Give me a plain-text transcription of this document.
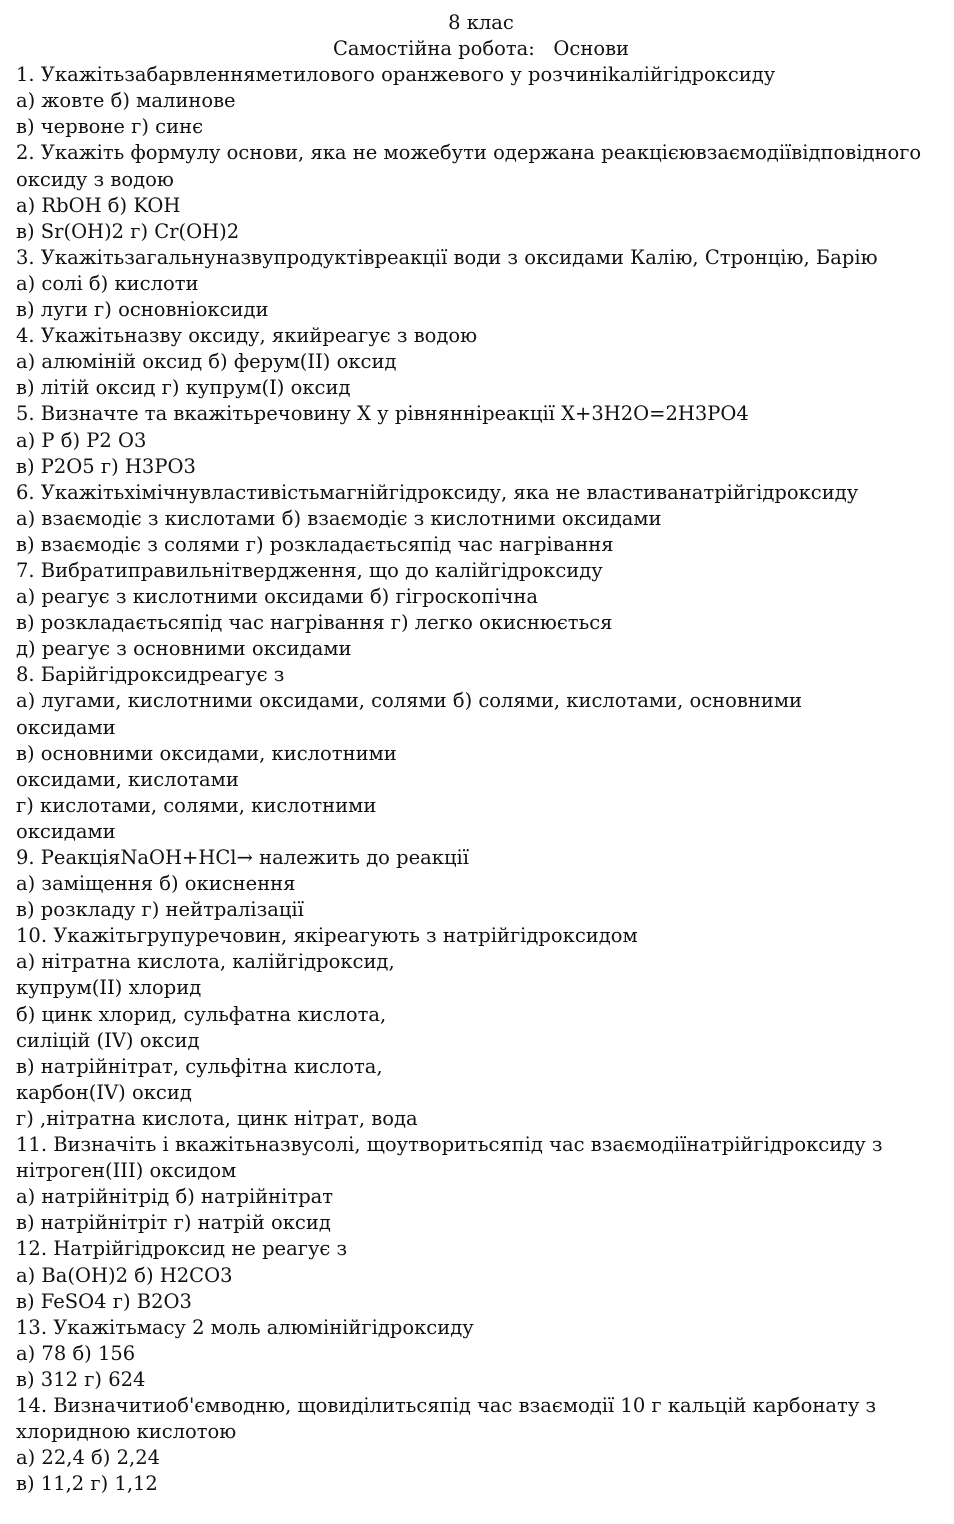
8 клас
Самостійна робота:   Основи
1. Укажітьзабарвленняметилового оранжевого у розчиніkалійгідроксиду
а) жовте б) малинове
в) червоне г) синє
2. Укажіть формулу основи, яка не можебути одержана реакцієювзаємодіївідповідного
оксиду з водою
а) RbOH б) KOH
в) Sr(OH)2 г) Cr(OH)2
3. Укажітьзагальнуназвупродуктівреакції води з оксидами Калію, Стронцію, Барію
а) солі б) кислоти
в) луги г) основніоксиди
4. Укажітьназву оксиду, якийреагує з водою
а) алюміній оксид б) ферум(II) оксид
в) літій оксид г) купрум(I) оксид
5. Визначте та вкажітьречовину Х у рівнянніреакції Х+3H2O=2H3PO4
а) Р б) Р2 О3
в) Р2О5 г) H3PO3
6. Укажітьхімічнувластивістьмагнійгідроксиду, яка не властиванатрійгідроксиду
а) взаємодіє з кислотами б) взаємодіє з кислотними оксидами
в) взаємодіє з солями г) розкладаєтьсяпід час нагрівання
7. Вибратиправильнітвердження, що до калійгідроксиду
а) реагує з кислотними оксидами б) гігроскопічна
в) розкладаєтьсяпід час нагрівання г) легко окиснюється
д) реагує з основними оксидами
8. Барійгідроксидреагує з
а) лугами, кислотними оксидами, солями б) солями, кислотами, основними
оксидами
в) основними оксидами, кислотними
оксидами, кислотами
г) кислотами, солями, кислотними
оксидами
9. РеакціяNaOH+HCl→ належить до реакції
а) заміщення б) окиснення
в) розкладу г) нейтралізації
10. Укажітьгрупуречовин, якіреагують з натрійгідроксидом
а) нітратна кислота, калійгідроксид,
купрум(II) хлорид
б) цинк хлорид, сульфатна кислота,
силіцій (IV) оксид
в) натрійнітрат, сульфітна кислота,
карбон(IV) оксид
г) ,нітратна кислота, цинк нітрат, вода
11. Визначіть і вкажітьназвусолі, щоутворитьсяпід час взаємодіїнатрійгідроксиду з
нітроген(III) оксидом
а) натрійнітрід б) натрійнітрат
в) натрійнітріт г) натрій оксид
12. Натрійгідроксид не реагує з
а) Ba(OH)2 б) H2CO3
в) FeSO4 г) B2O3
13. Укажітьмасу 2 моль алюмінійгідроксиду
а) 78 б) 156
в) 312 г) 624
14. Визначитиоб'ємводню, щовиділитьсяпід час взаємодії 10 г кальцій карбонату з
хлоридною кислотою
а) 22,4 б) 2,24
в) 11,2 г) 1,12
